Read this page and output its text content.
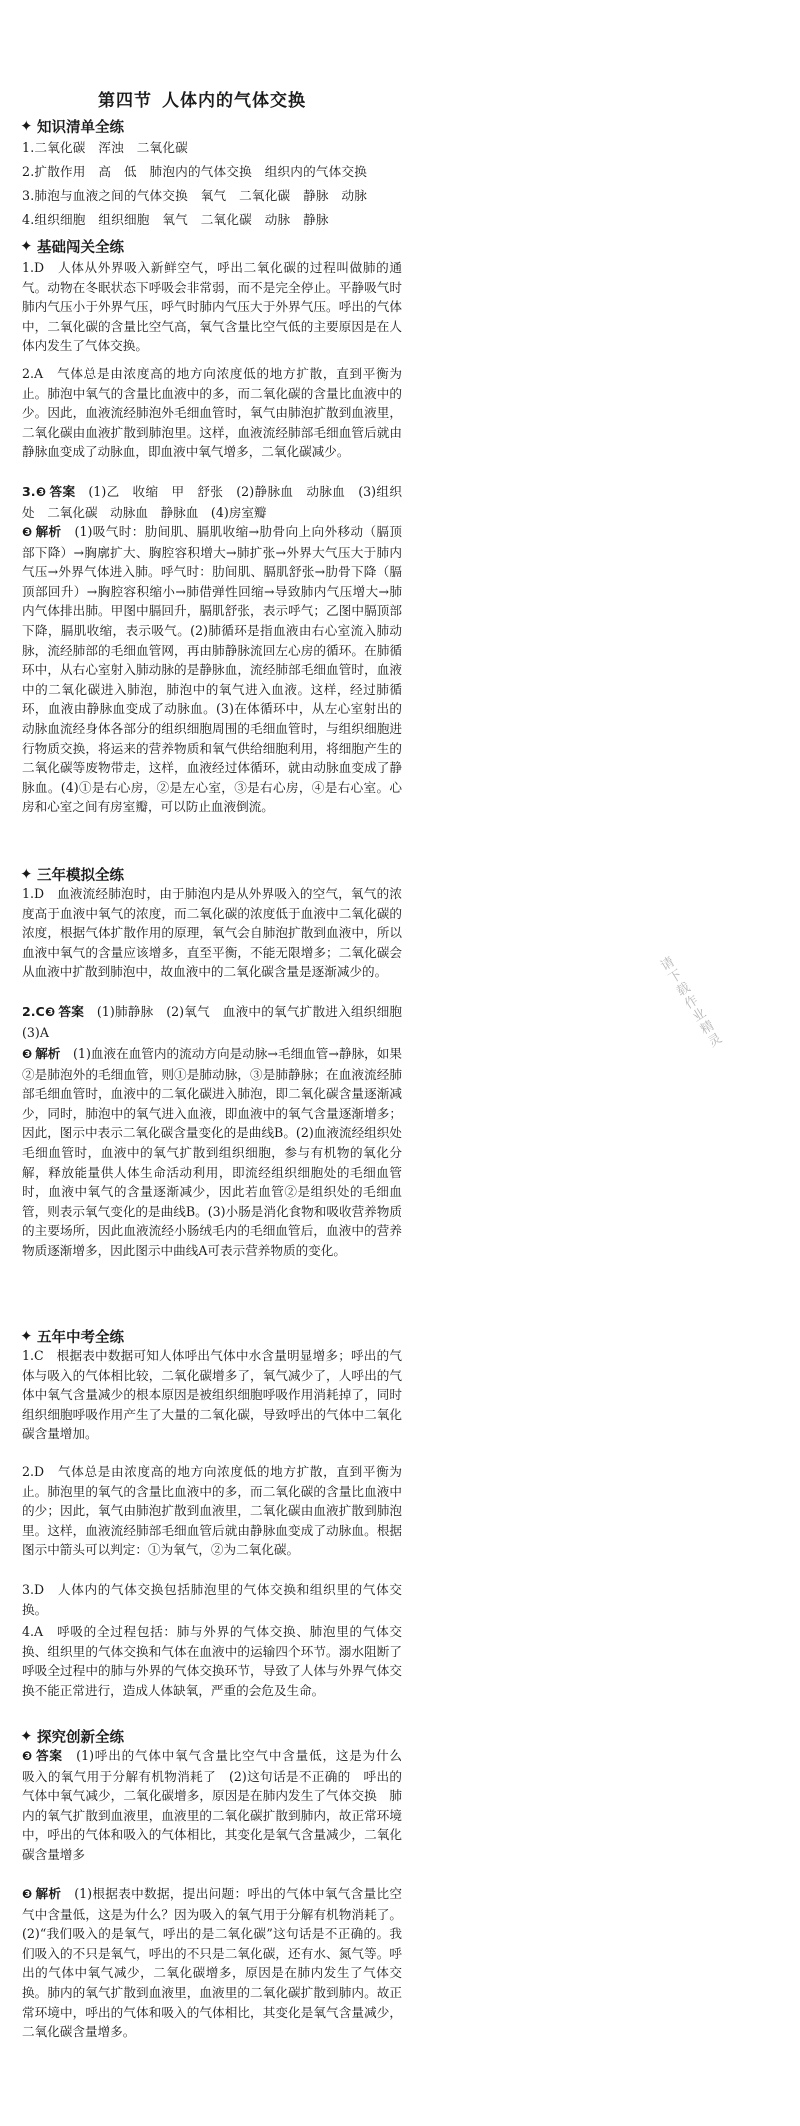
第四节 人体内的气体交换
✦
知识清单全练
1.二氧化碳　浑浊　二氧化碳
2.扩散作用　高　低　肺泡内的气体交换　组织内的气体交换
3.肺泡与血液之间的气体交换　氧气　二氧化碳　静脉　动脉
4.组织细胞　组织细胞　氧气　二氧化碳　动脉　静脉
✦
基础闯关全练
1.D　人体从外界吸入新鲜空气，呼出二氧化碳的过程叫做肺的通气。动物在冬眠状态下呼吸会非常弱，而不是完全停止。平静吸气时肺内气压小于外界气压，呼气时肺内气压大于外界气压。呼出的气体中，二氧化碳的含量比空气高，氧气含量比空气低的主要原因是在人体内发生了气体交换。
2.A　气体总是由浓度高的地方向浓度低的地方扩散，直到平衡为止。肺泡中氧气的含量比血液中的多，而二氧化碳的含量比血液中的少。因此，血液流经肺泡外毛细血管时，氧气由肺泡扩散到血液里，二氧化碳由血液扩散到肺泡里。这样，血液流经肺部毛细血管后就由静脉血变成了动脉血，即血液中氧气增多，二氧化碳减少。
3. ❸ 答案　 (1)乙　收缩　甲　舒张　(2)静脉血　动脉血　(3)组织处　二氧化碳　动脉血　静脉血　(4)房室瓣
❸ 解析　 (1)吸气时：肋间肌、膈肌收缩→肋骨向上向外移动（膈顶部下降）→胸廓扩大、胸腔容积增大→肺扩张→外界大气压大于肺内气压→外界气体进入肺。呼气时：肋间肌、膈肌舒张→肋骨下降（膈顶部回升）→胸腔容积缩小→肺借弹性回缩→导致肺内气压增大→肺内气体排出肺。甲图中膈回升，膈肌舒张，表示呼气；乙图中膈顶部下降，膈肌收缩，表示吸气。(2)肺循环是指血液由右心室流入肺动脉，流经肺部的毛细血管网，再由肺静脉流回左心房的循环。在肺循环中，从右心室射入肺动脉的是静脉血，流经肺部毛细血管时，血液中的二氧化碳进入肺泡，肺泡中的氧气进入血液。这样，经过肺循环，血液由静脉血变成了动脉血。(3)在体循环中，从左心室射出的动脉血流经身体各部分的组织细胞周围的毛细血管时，与组织细胞进行物质交换，将运来的营养物质和氧气供给细胞利用，将细胞产生的二氧化碳等废物带走，这样，血液经过体循环，就由动脉血变成了静脉血。(4)①是右心房，②是左心室，③是右心房，④是右心室。心房和心室之间有房室瓣，可以防止血液倒流。
✦
三年模拟全练
1.D　血液流经肺泡时，由于肺泡内是从外界吸入的空气，氧气的浓度高于血液中氧气的浓度，而二氧化碳的浓度低于血液中二氧化碳的浓度，根据气体扩散作用的原理，氧气会自肺泡扩散到血液中，所以血液中氧气的含量应该增多，直至平衡，不能无限增多；二氧化碳会从血液中扩散到肺泡中，故血液中的二氧化碳含量是逐渐减少的。
2.C ❸ 答案　 (1)肺静脉　(2)氧气　血液中的氧气扩散进入组织细胞　(3)A
❸ 解析　 (1)血液在血管内的流动方向是动脉→毛细血管→静脉，如果②是肺泡外的毛细血管，则①是肺动脉，③是肺静脉；在血液流经肺部毛细血管时，血液中的二氧化碳进入肺泡，即二氧化碳含量逐渐减少，同时，肺泡中的氧气进入血液，即血液中的氧气含量逐渐增多；因此，图示中表示二氧化碳含量变化的是曲线B。(2)血液流经组织处毛细血管时，血液中的氧气扩散到组织细胞，参与有机物的氧化分解，释放能量供人体生命活动利用，即流经组织细胞处的毛细血管时，血液中氧气的含量逐渐减少，因此若血管②是组织处的毛细血管，则表示氧气变化的是曲线B。(3)小肠是消化食物和吸收营养物质的主要场所，因此血液流经小肠绒毛内的毛细血管后，血液中的营养物质逐渐增多，因此图示中曲线A可表示营养物质的变化。
✦
五年中考全练
1.C　根据表中数据可知人体呼出气体中水含量明显增多；呼出的气体与吸入的气体相比较，二氧化碳增多了，氧气减少了，人呼出的气体中氧气含量减少的根本原因是被组织细胞呼吸作用消耗掉了，同时组织细胞呼吸作用产生了大量的二氧化碳，导致呼出的气体中二氧化碳含量增加。
2.D　气体总是由浓度高的地方向浓度低的地方扩散，直到平衡为止。肺泡里的氧气的含量比血液中的多，而二氧化碳的含量比血液中的少；因此，氧气由肺泡扩散到血液里，二氧化碳由血液扩散到肺泡里。这样，血液流经肺部毛细血管后就由静脉血变成了动脉血。根据图示中箭头可以判定：①为氧气，②为二氧化碳。
3.D　人体内的气体交换包括肺泡里的气体交换和组织里的气体交换。
4.A　呼吸的全过程包括：肺与外界的气体交换、肺泡里的气体交换、组织里的气体交换和气体在血液中的运输四个环节。溺水阻断了呼吸全过程中的肺与外界的气体交换环节，导致了人体与外界气体交换不能正常进行，造成人体缺氧，严重的会危及生命。
✦
探究创新全练
❸ 答案　 (1)呼出的气体中氧气含量比空气中含量低，这是为什么　吸入的氧气用于分解有机物消耗了　(2)这句话是不正确的　呼出的气体中氧气减少，二氧化碳增多，原因是在肺内发生了气体交换　肺内的氧气扩散到血液里，血液里的二氧化碳扩散到肺内，故正常环境中，呼出的气体和吸入的气体相比，其变化是氧气含量减少，二氧化碳含量增多
❸ 解析　 (1)根据表中数据，提出问题：呼出的气体中氧气含量比空气中含量低，这是为什么？因为吸入的氧气用于分解有机物消耗了。(2)“我们吸入的是氧气，呼出的是二氧化碳”这句话是不正确的。我们吸入的不只是氧气，呼出的不只是二氧化碳，还有水、氮气等。呼出的气体中氧气减少，二氧化碳增多，原因是在肺内发生了气体交换。肺内的氧气扩散到血液里，血液里的二氧化碳扩散到肺内。故正常环境中，呼出的气体和吸入的气体相比，其变化是氧气含量减少，二氧化碳含量增多。
请下载作业精灵
